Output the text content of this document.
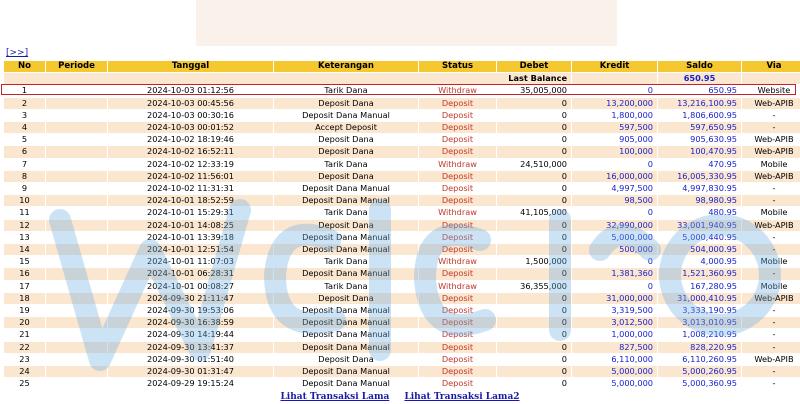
[>>]
No	Periode	Tanggal	Keterangan	Status	Debet	Kredit	Saldo	Via
Last Balance							650.95	
1		2024-10-03 01:12:56	Tarik Dana	Withdraw	35,005,000	0	650.95	Website
2		2024-10-03 00:45:56	Deposit Dana	Deposit	0	13,200,000	13,216,100.95	Web-APIB
3		2024-10-03 00:30:16	Deposit Dana Manual	Deposit	0	1,800,000	1,806,600.95	-
4		2024-10-03 00:01:52	Accept Deposit	Deposit	0	597,500	597,650.95	-
5		2024-10-02 18:19:46	Deposit Dana	Deposit	0	905,000	905,630.95	Web-APIB
6		2024-10-02 16:52:11	Deposit Dana	Deposit	0	100,000	100,470.95	Web-APIB
7		2024-10-02 12:33:19	Tarik Dana	Withdraw	24,510,000	0	470.95	Mobile
8		2024-10-02 11:56:01	Deposit Dana	Deposit	0	16,000,000	16,005,330.95	Web-APIB
9		2024-10-02 11:31:31	Deposit Dana Manual	Deposit	0	4,997,500	4,997,830.95	-
10		2024-10-01 18:52:59	Deposit Dana Manual	Deposit	0	98,500	98,980.95	-
11		2024-10-01 15:29:31	Tarik Dana	Withdraw	41,105,000	0	480.95	Mobile
12		2024-10-01 14:08:25	Deposit Dana	Deposit	0	32,990,000	33,001,940.95	Web-APIB
13		2024-10-01 13:39:18	Deposit Dana Manual	Deposit	0	5,000,000	5,000,440.95	-
14		2024-10-01 12:51:54	Deposit Dana Manual	Deposit	0	500,000	504,000.95	-
15		2024-10-01 11:07:03	Tarik Dana	Withdraw	1,500,000	0	4,000.95	Mobile
16		2024-10-01 06:28:31	Deposit Dana Manual	Deposit	0	1,381,360	1,521,360.95	-
17		2024-10-01 00:08:27	Tarik Dana	Withdraw	36,355,000	0	167,280.95	Mobile
18		2024-09-30 21:11:47	Deposit Dana	Deposit	0	31,000,000	31,000,410.95	Web-APIB
19		2024-09-30 19:53:06	Deposit Dana Manual	Deposit	0	3,319,500	3,333,190.95	-
20		2024-09-30 16:38:59	Deposit Dana Manual	Deposit	0	3,012,500	3,013,010.95	-
21		2024-09-30 14:19:44	Deposit Dana Manual	Deposit	0	1,000,000	1,008,210.95	-
22		2024-09-30 13:41:37	Deposit Dana Manual	Deposit	0	827,500	828,220.95	-
23		2024-09-30 01:51:40	Deposit Dana	Deposit	0	6,110,000	6,110,260.95	Web-APIB
24		2024-09-30 01:31:47	Deposit Dana Manual	Deposit	0	5,000,000	5,000,260.95	-
25		2024-09-29 19:15:24	Deposit Dana Manual	Deposit	0	5,000,000	5,000,360.95	-
Lihat Transaksi Lama Lihat Transaksi Lama2
